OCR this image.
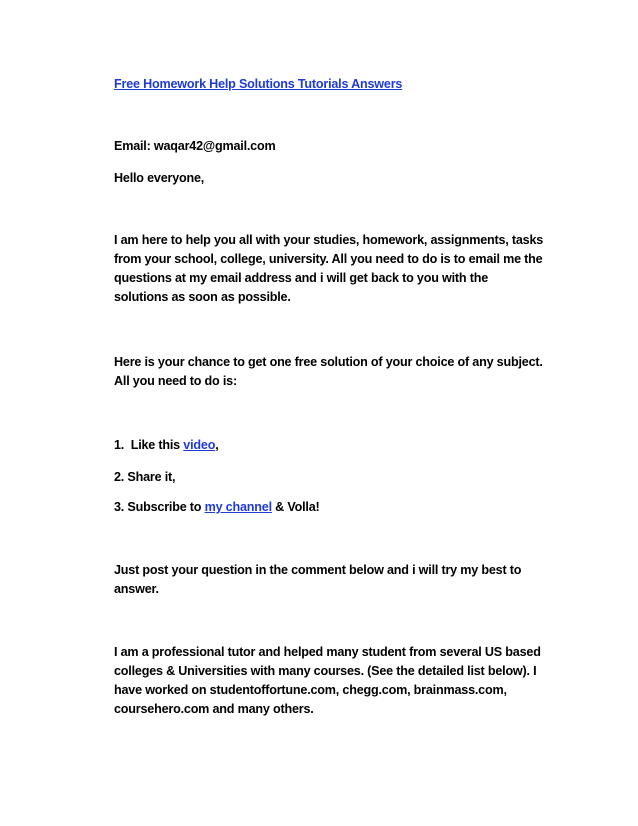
Free Homework Help Solutions Tutorials Answers
Email: waqar42@gmail.com
Hello everyone,
I am here to help you all with your studies, homework, assignments, tasks
from your school, college, university. All you need to do is to email me the
questions at my email address and i will get back to you with the
solutions as soon as possible.
Here is your chance to get one free solution of your choice of any subject.
All you need to do is:
1.  Like this video,
2. Share it,
3. Subscribe to my channel & Volla!
Just post your question in the comment below and i will try my best to
answer.
I am a professional tutor and helped many student from several US based
colleges & Universities with many courses. (See the detailed list below). I
have worked on studentoffortune.com, chegg.com, brainmass.com,
coursehero.com and many others.
